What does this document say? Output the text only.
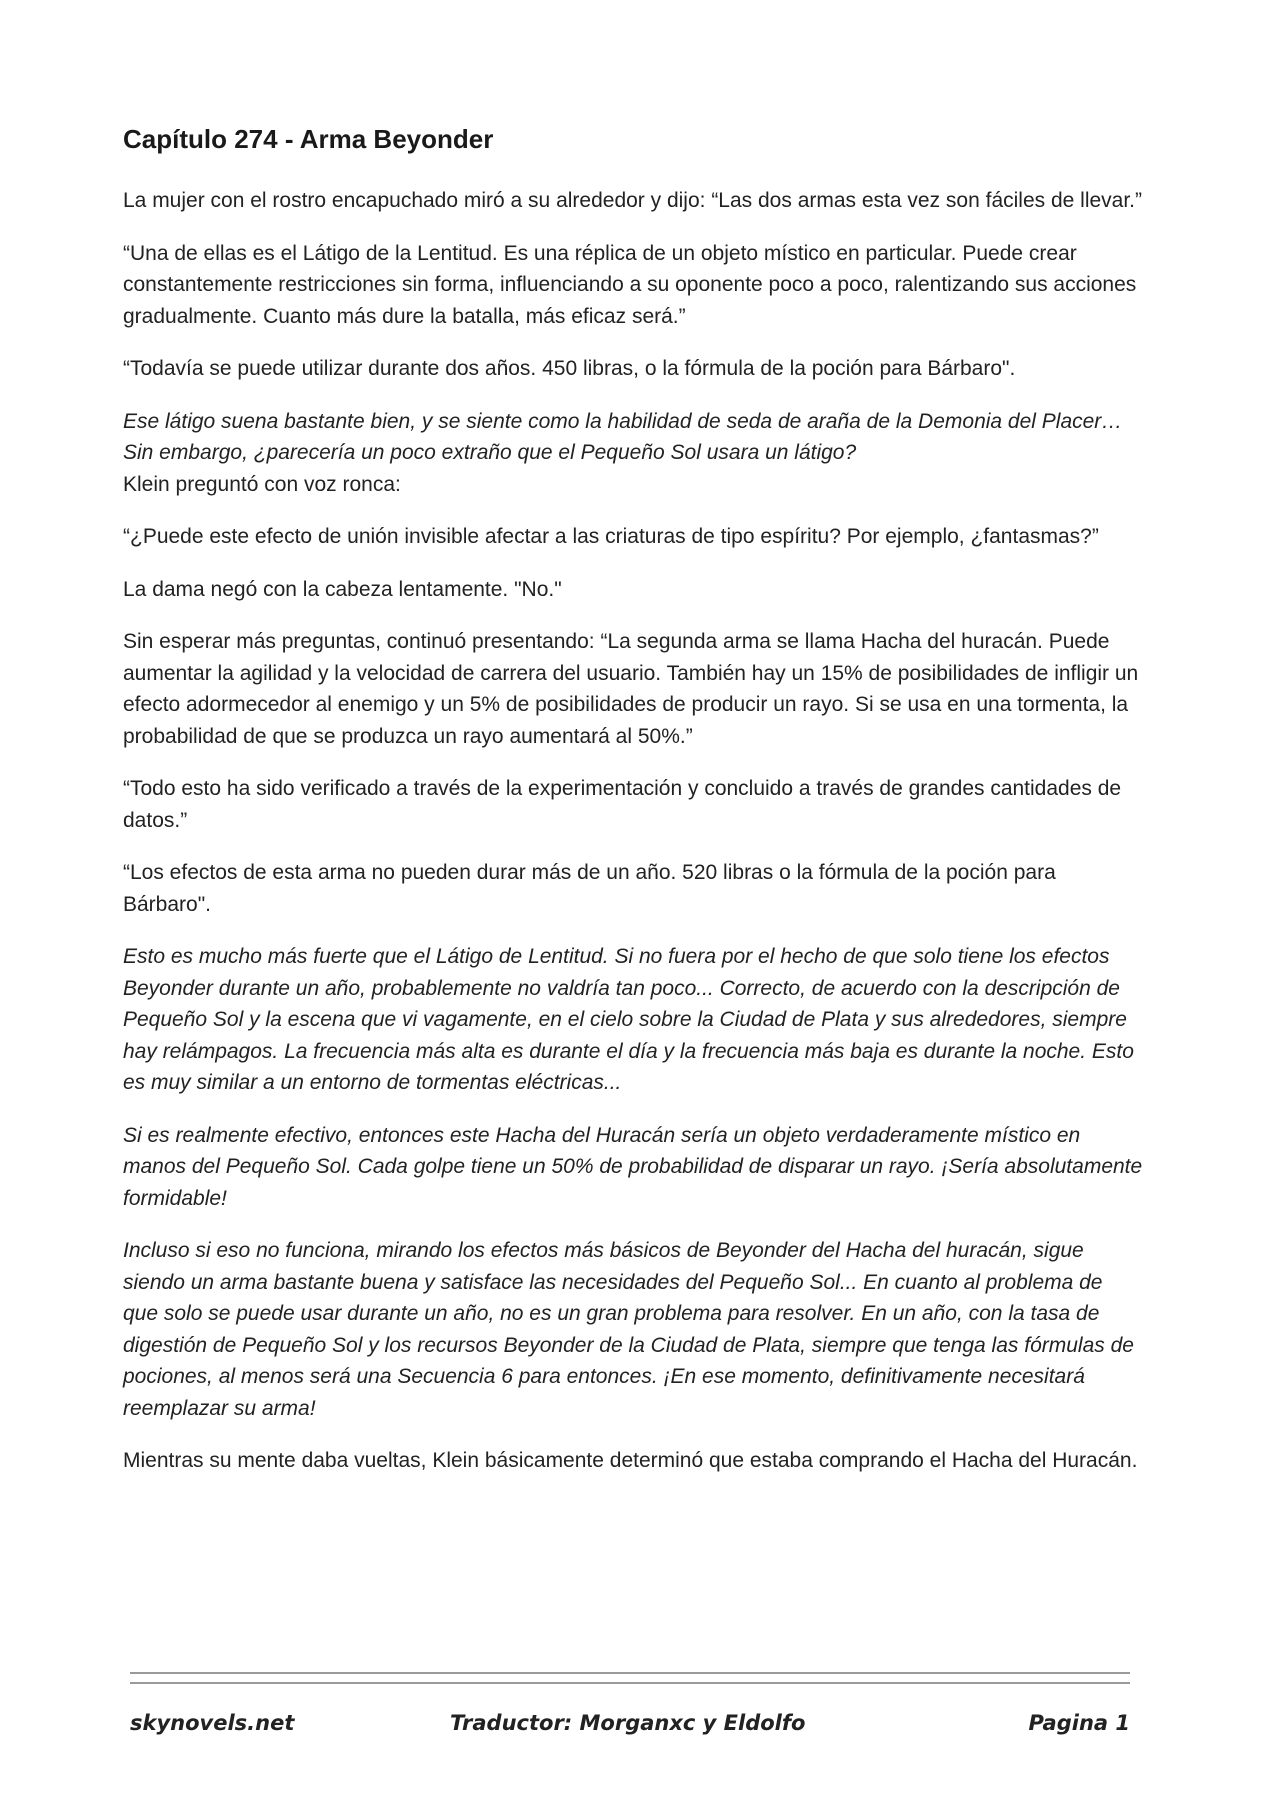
Capítulo 274 - Arma Beyonder

La mujer con el rostro encapuchado miró a su alrededor y dijo: “Las dos armas esta vez son fáciles de llevar.”

“Una de ellas es el Látigo de la Lentitud. Es una réplica de un objeto místico en particular. Puede crear constantemente restricciones sin forma, influenciando a su oponente poco a poco, ralentizando sus acciones gradualmente. Cuanto más dure la batalla, más eficaz será.”

“Todavía se puede utilizar durante dos años. 450 libras, o la fórmula de la poción para Bárbaro".

Ese látigo suena bastante bien, y se siente como la habilidad de seda de araña de la Demonia del Placer… Sin embargo, ¿parecería un poco extraño que el Pequeño Sol usara un látigo?
Klein preguntó con voz ronca:

“¿Puede este efecto de unión invisible afectar a las criaturas de tipo espíritu? Por ejemplo, ¿fantasmas?”

La dama negó con la cabeza lentamente. "No."

Sin esperar más preguntas, continuó presentando: “La segunda arma se llama Hacha del huracán. Puede aumentar la agilidad y la velocidad de carrera del usuario. También hay un 15% de posibilidades de infligir un efecto adormecedor al enemigo y un 5% de posibilidades de producir un rayo. Si se usa en una tormenta, la probabilidad de que se produzca un rayo aumentará al 50%.”

“Todo esto ha sido verificado a través de la experimentación y concluido a través de grandes cantidades de datos.”

“Los efectos de esta arma no pueden durar más de un año. 520 libras o la fórmula de la poción para Bárbaro".

Esto es mucho más fuerte que el Látigo de Lentitud. Si no fuera por el hecho de que solo tiene los efectos Beyonder durante un año, probablemente no valdría tan poco... Correcto, de acuerdo con la descripción de Pequeño Sol y la escena que vi vagamente, en el cielo sobre la Ciudad de Plata y sus alrededores, siempre hay relámpagos. La frecuencia más alta es durante el día y la frecuencia más baja es durante la noche. Esto es muy similar a un entorno de tormentas eléctricas...

Si es realmente efectivo, entonces este Hacha del Huracán sería un objeto verdaderamente místico en manos del Pequeño Sol. Cada golpe tiene un 50% de probabilidad de disparar un rayo. ¡Sería absolutamente formidable!

Incluso si eso no funciona, mirando los efectos más básicos de Beyonder del Hacha del huracán, sigue siendo un arma bastante buena y satisface las necesidades del Pequeño Sol... En cuanto al problema de que solo se puede usar durante un año, no es un gran problema para resolver. En un año, con la tasa de digestión de Pequeño Sol y los recursos Beyonder de la Ciudad de Plata, siempre que tenga las fórmulas de pociones, al menos será una Secuencia 6 para entonces. ¡En ese momento, definitivamente necesitará reemplazar su arma!

Mientras su mente daba vueltas, Klein básicamente determinó que estaba comprando el Hacha del Huracán.

skynovels.net	Traductor: Morganxc y Eldolfo	Pagina 1
